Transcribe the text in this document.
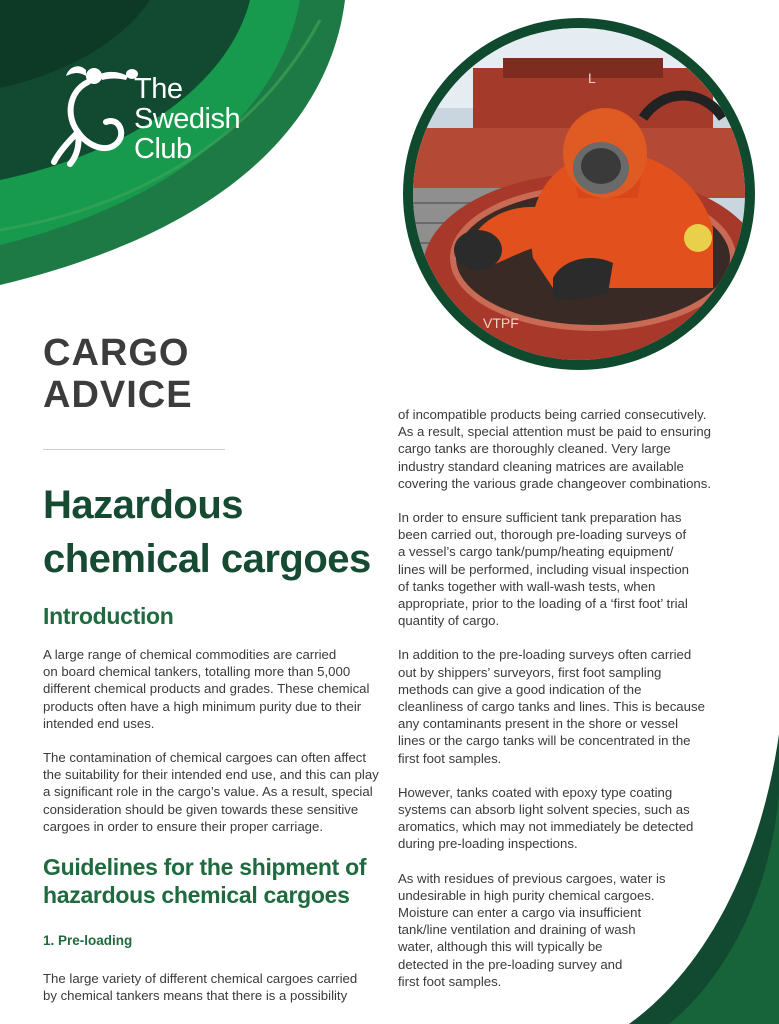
The
Swedish
Club
VTPF
L
CARGO
ADVICE
Hazardous
chemical cargoes
Introduction

A large range of chemical commodities are carried
on board chemical tankers, totalling more than 5,000
different chemical products and grades. These chemical
products often have a high minimum purity due to their
intended end uses.

The contamination of chemical cargoes can often affect
the suitability for their intended end use, and this can play
a significant role in the cargo’s value. As a result, special
consideration should be given towards these sensitive
cargoes in order to ensure their proper carriage.

Guidelines for the shipment of
hazardous chemical cargoes
1. Pre-loading

The large variety of different chemical cargoes carried
by chemical tankers means that there is a possibility

of incompatible products being carried consecutively.
As a result, special attention must be paid to ensuring
cargo tanks are thoroughly cleaned. Very large
industry standard cleaning matrices are available
covering the various grade changeover combinations.

In order to ensure sufficient tank preparation has
been carried out, thorough pre-loading surveys of
a vessel’s cargo tank/pump/heating equipment/
lines will be performed, including visual inspection
of tanks together with wall-wash tests, when
appropriate, prior to the loading of a ‘first foot’ trial
quantity of cargo.

In addition to the pre-loading surveys often carried
out by shippers’ surveyors, first foot sampling
methods can give a good indication of the
cleanliness of cargo tanks and lines. This is because
any contaminants present in the shore or vessel
lines or the cargo tanks will be concentrated in the
first foot samples.

However, tanks coated with epoxy type coating
systems can absorb light solvent species, such as
aromatics, which may not immediately be detected
during pre-loading inspections.

As with residues of previous cargoes, water is
undesirable in high purity chemical cargoes.
Moisture can enter a cargo via insufficient
tank/line ventilation and draining of wash
water, although this will typically be
detected in the pre-loading survey and
first foot samples.
